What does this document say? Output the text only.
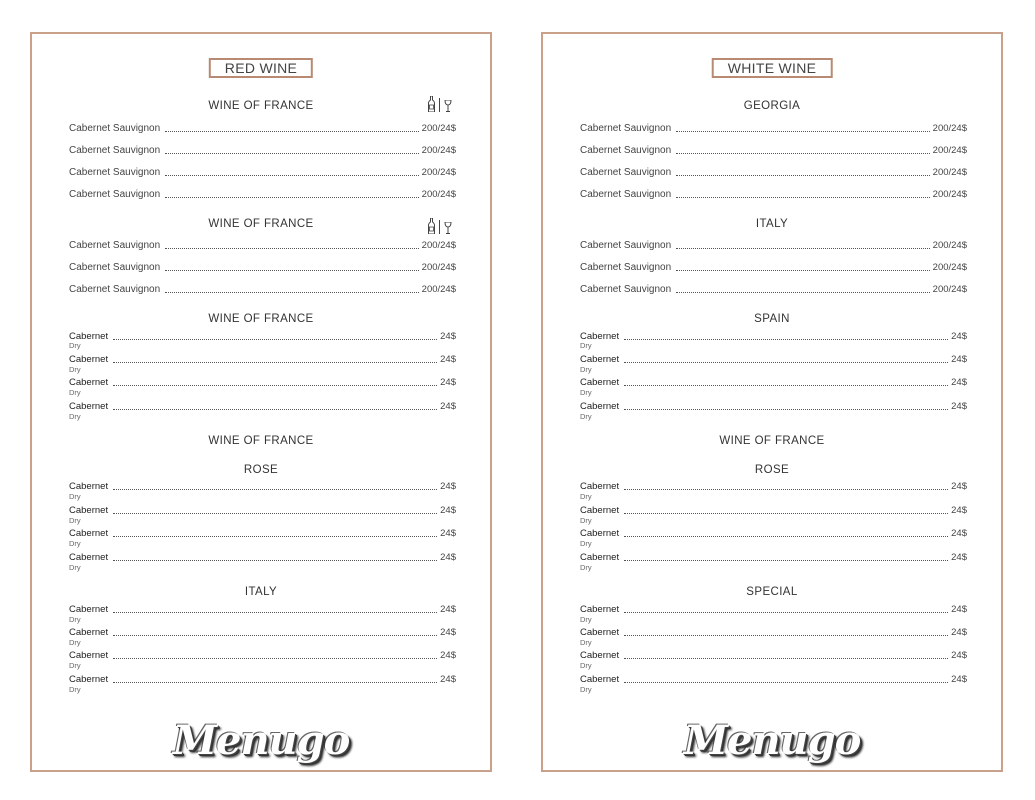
RED WINE
WINE OF FRANCE
Cabernet Sauvignon	200/24$
Cabernet Sauvignon	200/24$
Cabernet Sauvignon	200/24$
Cabernet Sauvignon	200/24$
WINE OF FRANCE
Cabernet Sauvignon	200/24$
Cabernet Sauvignon	200/24$
Cabernet Sauvignon	200/24$
WINE OF FRANCE
Cabernet	24$
Dry
Cabernet	24$
Dry
Cabernet	24$
Dry
Cabernet	24$
Dry
WINE OF FRANCE
ROSE
Cabernet	24$
Dry
Cabernet	24$
Dry
Cabernet	24$
Dry
Cabernet	24$
Dry
ITALY
Cabernet	24$
Dry
Cabernet	24$
Dry
Cabernet	24$
Dry
Cabernet	24$
Dry
Menugo
WHITE WINE
GEORGIA
Cabernet Sauvignon	200/24$
Cabernet Sauvignon	200/24$
Cabernet Sauvignon	200/24$
Cabernet Sauvignon	200/24$
ITALY
Cabernet Sauvignon	200/24$
Cabernet Sauvignon	200/24$
Cabernet Sauvignon	200/24$
SPAIN
Cabernet	24$
Dry
Cabernet	24$
Dry
Cabernet	24$
Dry
Cabernet	24$
Dry
WINE OF FRANCE
ROSE
Cabernet	24$
Dry
Cabernet	24$
Dry
Cabernet	24$
Dry
Cabernet	24$
Dry
SPECIAL
Cabernet	24$
Dry
Cabernet	24$
Dry
Cabernet	24$
Dry
Cabernet	24$
Dry
Menugo
